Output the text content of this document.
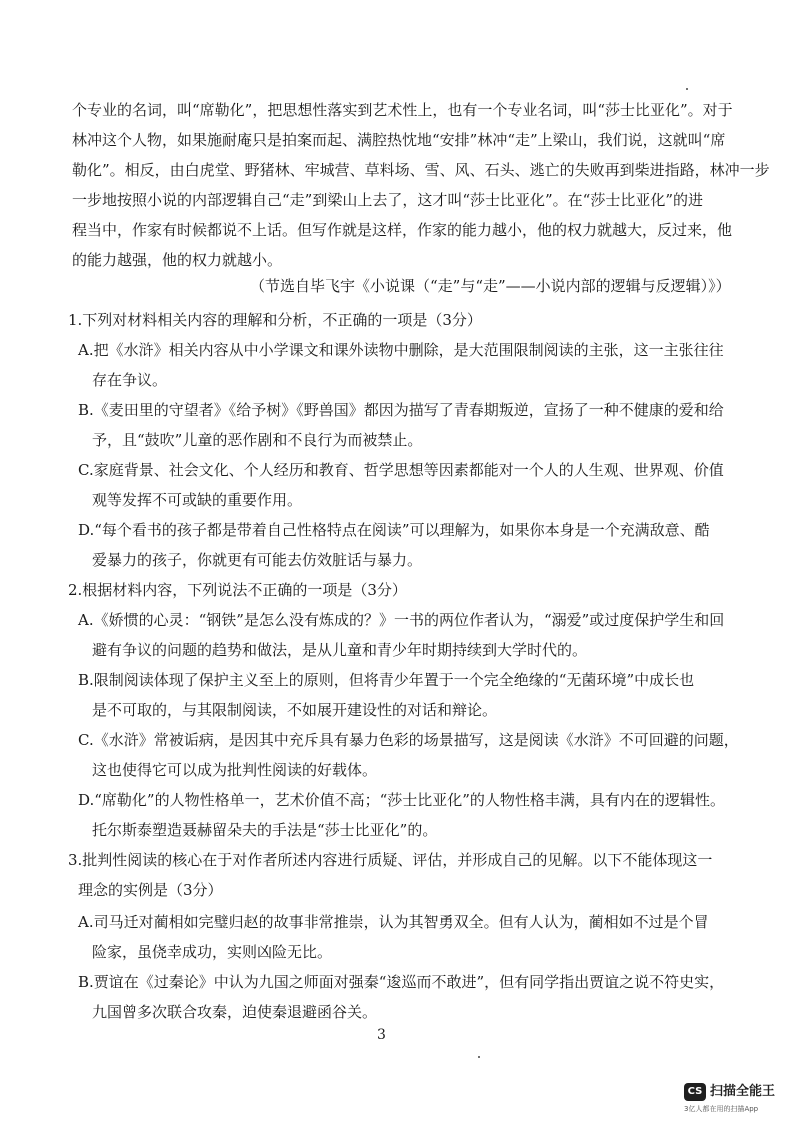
个专业的名词，叫“席勒化”，把思想性落实到艺术性上，也有一个专业名词，叫“莎士比亚化”。对于
林冲这个人物，如果施耐庵只是拍案而起、满腔热忱地“安排”林冲“走”上梁山，我们说，这就叫“席
勒化”。相反，由白虎堂、野猪林、牢城营、草料场、雪、风、石头、逃亡的失败再到柴进指路，林冲一步
一步地按照小说的内部逻辑自己“走”到梁山上去了，这才叫“莎士比亚化”。在“莎士比亚化”的进
程当中，作家有时候都说不上话。但写作就是这样，作家的能力越小，他的权力就越大，反过来，他
的能力越强，他的权力就越小。
（节选自毕飞宇《小说课（“走”与“走”——小说内部的逻辑与反逻辑）》）
1.下列对材料相关内容的理解和分析，不正确的一项是（3分）
A.把《水浒》相关内容从中小学课文和课外读物中删除，是大范围限制阅读的主张，这一主张往往
存在争议。
B.《麦田里的守望者》《给予树》《野兽国》都因为描写了青春期叛逆，宣扬了一种不健康的爱和给
予，且“鼓吹”儿童的恶作剧和不良行为而被禁止。
C.家庭背景、社会文化、个人经历和教育、哲学思想等因素都能对一个人的人生观、世界观、价值
观等发挥不可或缺的重要作用。
D.“每个看书的孩子都是带着自己性格特点在阅读”可以理解为，如果你本身是一个充满敌意、酷
爱暴力的孩子，你就更有可能去仿效脏话与暴力。
2.根据材料内容，下列说法不正确的一项是（3分）
A.《娇惯的心灵：“钢铁”是怎么没有炼成的？》一书的两位作者认为，“溺爱”或过度保护学生和回
避有争议的问题的趋势和做法，是从儿童和青少年时期持续到大学时代的。
B.限制阅读体现了保护主义至上的原则，但将青少年置于一个完全绝缘的“无菌环境”中成长也
是不可取的，与其限制阅读，不如展开建设性的对话和辩论。
C.《水浒》常被诟病，是因其中充斥具有暴力色彩的场景描写，这是阅读《水浒》不可回避的问题，
这也使得它可以成为批判性阅读的好载体。
D.“席勒化”的人物性格单一，艺术价值不高；“莎士比亚化”的人物性格丰满，具有内在的逻辑性。
托尔斯泰塑造聂赫留朵夫的手法是“莎士比亚化”的。
3.批判性阅读的核心在于对作者所述内容进行质疑、评估，并形成自己的见解。以下不能体现这一
理念的实例是（3分）
A.司马迁对蔺相如完璧归赵的故事非常推崇，认为其智勇双全。但有人认为，蔺相如不过是个冒
险家，虽侥幸成功，实则凶险无比。
B.贾谊在《过秦论》中认为九国之师面对强秦“逡巡而不敢进”，但有同学指出贾谊之说不符史实，
九国曾多次联合攻秦，迫使秦退避函谷关。
3
CS 扫描全能王
3亿人都在用的扫描App
